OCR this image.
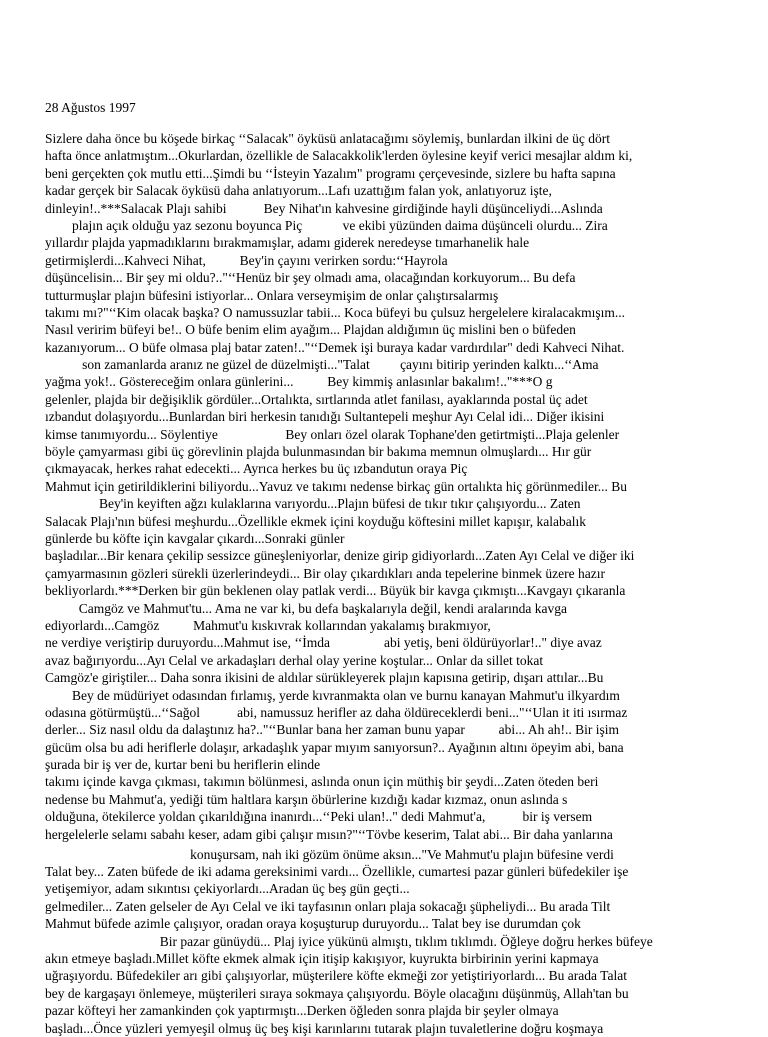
28 Ağustos 1997
Sizlere daha önce bu köşede birkaç ‘‘Salacak" öyküsü anlatacağımı söylemiş, bunlardan ilkini de üç dört
hafta önce anlatmıştım...Okurlardan, özellikle de Salacakkolik'lerden öylesine keyif verici mesajlar aldım ki,
beni gerçekten çok mutlu etti...Şimdi bu ‘‘İsteyin Yazalım" programı çerçevesinde, sizlere bu hafta sapına
kadar gerçek bir Salacak öyküsü daha anlatıyorum...Lafı uzattığım falan yok, anlatıyoruz işte,
dinleyin!..***Salacak Plajı sahibi           Bey Nihat'ın kahvesine girdiğinde hayli düşünceliydi...Aslında
plajın açık olduğu yaz sezonu boyunca Piç            ve ekibi yüzünden daima düşünceli olurdu... Zira
yıllardır plajda yapmadıklarını bırakmamışlar, adamı giderek neredeyse tımarhanelik hale
getirmişlerdi...Kahveci Nihat,          Bey'in çayını verirken sordu:‘‘Hayrola
düşüncelisin... Bir şey mi oldu?.."‘‘Henüz bir şey olmadı ama, olacağından korkuyorum... Bu defa
tutturmuşlar plajın büfesini istiyorlar... Onlara verseymişim de onlar çalıştırsalarmış
takımı mı?"‘‘Kim olacak başka? O namussuzlar tabii... Koca büfeyi bu çulsuz hergelelere kiralacakmışım...
Nasıl veririm büfeyi be!.. O büfe benim elim ayağım... Plajdan aldığımın üç mislini ben o büfeden
kazanıyorum... O büfe olmasa plaj batar zaten!.."‘‘Demek işi buraya kadar vardırdılar" dedi Kahveci Nihat.
son zamanlarda aranız ne güzel de düzelmişti..."Talat         çayını bitirip yerinden kalktı...‘‘Ama
yağma yok!.. Göstereceğim onlara günlerini...          Bey kimmiş anlasınlar bakalım!.."***O g
gelenler, plajda bir değişiklik gördüler...Ortalıkta, sırtlarında atlet fanilası, ayaklarında postal üç adet
ızbandut dolaşıyordu...Bunlardan biri herkesin tanıdığı Sultantepeli meşhur Ayı Celal idi... Diğer ikisini
kimse tanımıyordu... Söylentiye                    Bey onları özel olarak Tophane'den getirtmişti...Plaja gelenler
böyle çamyarması gibi üç görevlinin plajda bulunmasından bir bakıma memnun olmuşlardı... Hır gür
çıkmayacak, herkes rahat edecekti... Ayrıca herkes bu üç ızbandutun oraya Piç
Mahmut için getirildiklerini biliyordu...Yavuz ve takımı nedense birkaç gün ortalıkta hiç görünmediler... Bu
Bey'in keyiften ağzı kulaklarına varıyordu...Plajın büfesi de tıkır tıkır çalışıyordu... Zaten
Salacak Plajı'nın büfesi meşhurdu...Özellikle ekmek içini koyduğu köftesini millet kapışır, kalabalık
günlerde bu köfte için kavgalar çıkardı...Sonraki günler
başladılar...Bir kenara çekilip sessizce güneşleniyorlar, denize girip gidiyorlardı...Zaten Ayı Celal ve diğer iki
çamyarmasının gözleri sürekli üzerlerindeydi... Bir olay çıkardıkları anda tepelerine binmek üzere hazır
bekliyorlardı.***Derken bir gün beklenen olay patlak verdi... Büyük bir kavga çıkmıştı...Kavgayı çıkaranla
Camgöz ve Mahmut'tu... Ama ne var ki, bu defa başkalarıyla değil, kendi aralarında kavga
ediyorlardı...Camgöz          Mahmut'u kıskıvrak kollarından yakalamış bırakmıyor,
ne verdiye veriştirip duruyordu...Mahmut ise, ‘‘İmda                abi yetiş, beni öldürüyorlar!.." diye avaz
avaz bağırıyordu...Ayı Celal ve arkadaşları derhal olay yerine koştular... Onlar da sillet tokat
Camgöz'e giriştiler... Daha sonra ikisini de aldılar sürükleyerek plajın kapısına getirip, dışarı attılar...Bu
Bey de müdüriyet odasından fırlamış, yerde kıvranmakta olan ve burnu kanayan Mahmut'u ilkyardım
odasına götürmüştü...‘‘Sağol           abi, namussuz herifler az daha öldüreceklerdi beni..."‘‘Ulan it iti ısırmaz
derler... Siz nasıl oldu da dalaştınız ha?.."‘‘Bunlar bana her zaman bunu yapar          abi... Ah ah!.. Bir işim
gücüm olsa bu adi heriflerle dolaşır, arkadaşlık yapar mıyım sanıyorsun?.. Ayağının altını öpeyim abi, bana
şurada bir iş ver de, kurtar beni bu heriflerin elinde
takımı içinde kavga çıkması, takımın bölünmesi, aslında onun için müthiş bir şeydi...Zaten öteden beri
nedense bu Mahmut'a, yediği tüm haltlara karşın öbürlerine kızdığı kadar kızmaz, onun aslında s
olduğuna, ötekilerce yoldan çıkarıldığına inanırdı...‘‘Peki ulan!.." dedi Mahmut'a,           bir iş versem
hergelelerle selamı sabahı keser, adam gibi çalışır mısın?"‘‘Tövbe keserim, Talat abi... Bir daha yanlarına
konuşursam, nah iki gözüm önüme aksın..."Ve Mahmut'u plajın büfesine verdi
Talat bey... Zaten büfede de iki adama gereksinimi vardı... Özellikle, cumartesi pazar günleri büfedekiler işe
yetişemiyor, adam sıkıntısı çekiyorlardı...Aradan üç beş gün geçti...
gelmediler... Zaten gelseler de Ayı Celal ve iki tayfasının onları plaja sokacağı şüpheliydi... Bu arada Tilt
Mahmut büfede azimle çalışıyor, oradan oraya koşuşturup duruyordu... Talat bey ise durumdan çok
Bir pazar günüydü... Plaj iyice yükünü almıştı, tıklım tıklımdı. Öğleye doğru herkes büfeye
akın etmeye başladı.Millet köfte ekmek almak için itişip kakışıyor, kuyrukta birbirinin yerini kapmaya
uğraşıyordu. Büfedekiler arı gibi çalışıyorlar, müşterilere köfte ekmeği zor yetiştiriyorlardı... Bu arada Talat
bey de kargaşayı önlemeye, müşterileri sıraya sokmaya çalışıyordu. Böyle olacağını düşünmüş, Allah'tan bu
pazar köfteyi her zamankinden çok yaptırmıştı...Derken öğleden sonra plajda bir şeyler olmaya
başladı...Önce yüzleri yemyeşil olmuş üç beş kişi karınlarını tutarak plajın tuvaletlerine doğru koşmaya
